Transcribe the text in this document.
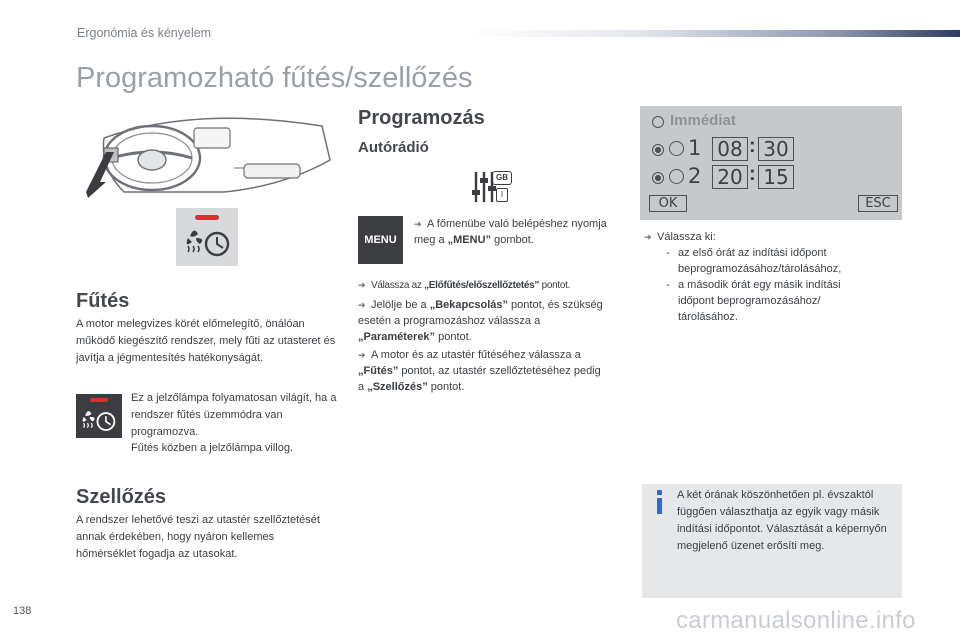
Ergonómia és kényelem
Programozható fűtés/szellőzés
Fűtés
A motor melegvizes körét előmelegítő, önálóan működő kiegészítő rendszer, mely fűti az utasteret és javítja a jégmentesítés hatékonyságát.
Ez a jelzőlámpa folyamatosan világít, ha a rendszer fűtés üzemmódra van programozva.
Fűtés közben a jelzőlámpa villog.
Szellőzés
A rendszer lehetővé teszi az utastér szellőztetését annak érdekében, hogy nyáron kellemes hőmérséklet fogadja az utasokat.
Programozás
Autórádió
GB
I
MENU
➔ A főmenübe való belépéshez nyomja meg a „MENU” gombot.
➔ Válassza az „Előfűtés/előszellőztetés” pontot.
➔ Jelölje be a „Bekapcsolás” pontot, és szükség esetén a programozáshoz válassza a „Paraméterek” pontot.
➔ A motor és az utastér fűtéséhez válassza a „Fűtés” pontot, az utastér szellőztetéséhez pedig a „Szellőzés” pontot.
Immédiat
1 08 : 30
2 20 : 15
OK	ESC
➔ Válassza ki:
- az első órát az indítási időpont beprogramozásához/tárolásához,
- a második órát egy másik indítási időpont beprogramozásához/ tárolásához.
A két órának köszönhetően pl. évszaktól függően választhatja az egyik vagy másik indítási időpontot. Választását a képernyőn megjelenő üzenet erősíti meg.
138	carmanualsonline.info
